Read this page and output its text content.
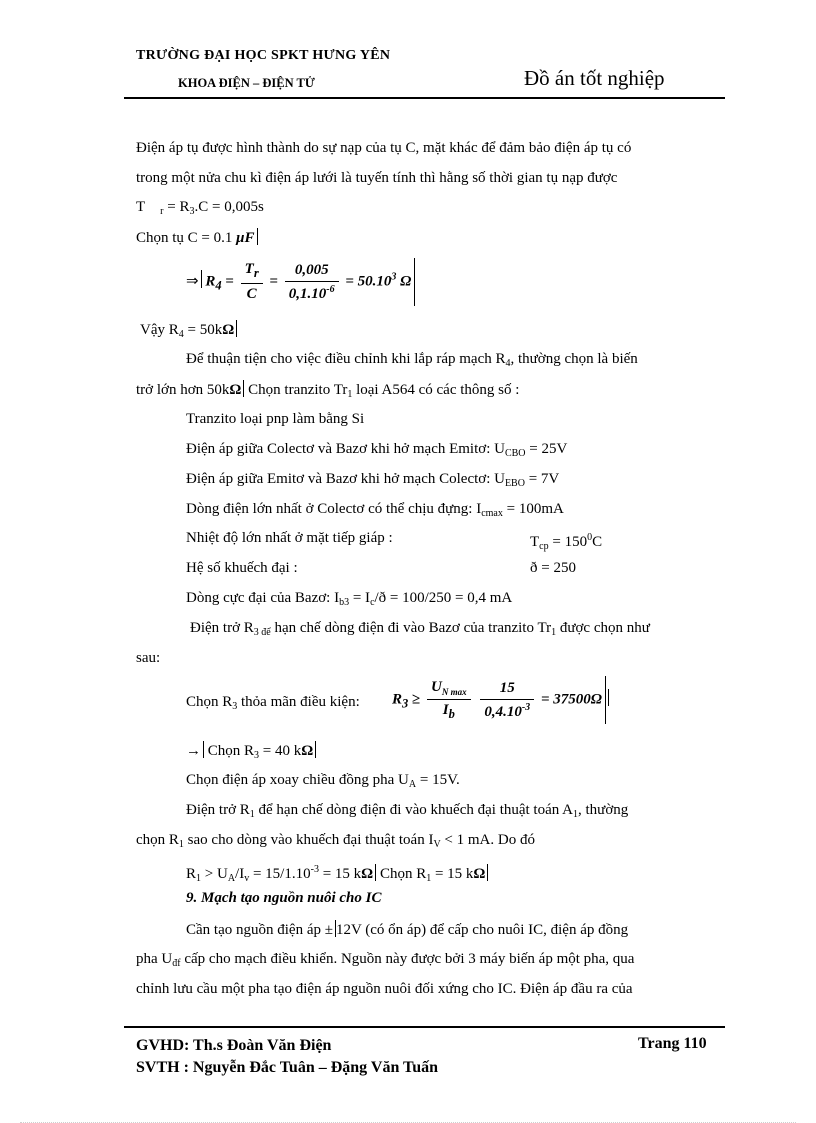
TRƯỜNG ĐẠI HỌC SPKT HƯNG YÊN
KHOA ĐIỆN – ĐIỆN TỬ	Đồ án tốt nghiệp
Điện áp tụ được hình thành do sự nạp của tụ C, mặt khác để đảm bảo điện áp tụ có
trong một nửa chu kì điện áp lưới là tuyến tính thì hằng số thời gian tụ nạp được
T $_r = R_3.C = 0,005s$
Chọn tụ C = 0.1 μF
⇒ $R_4 = \frac{T_r}{C} = \frac{0,005}{0,1.10^{-6}} = 50.10^3$ Ω
Vậy $R_4 = 50k\Omega$
Để thuận tiện cho việc điều chỉnh khi lắp ráp mạch $R_4$, thường chọn là biến
trở lớn hơn 50kΩ Chọn tranzito $Tr_1$ loại A564 có các thông số :
Tranzito loại pnp làm bằng Si
Điện áp giữa Colectơ và Bazơ khi hở mạch Emitơ: $U_{CBO} = 25V$
Điện áp giữa Emitơ và Bazơ khi hở mạch Colectơ: $U_{EBO} = 7V$
Dòng điện lớn nhất ở Colectơ có thể chịu đựng: $I_{cmax} = 100mA$
Nhiệt độ lớn nhất ở mặt tiếp giáp :	$T_{cp} = 150^0C$
Hệ số khuếch đại :	ð = 250
Dòng cực đại của Bazơ: $I_{b3}$ = $I_c/ð = 100/250 = 0,4$ mA
Điện trở $R_{3 để}$ hạn chế dòng điện đi vào Bazơ của tranzito $Tr_1$ được chọn như
sau:
Chọn $R_3$ thỏa mãn điều kiện: $R_3 \ge \frac{U_{N max}}{I_b}$
$\frac{15}{0,4.10^{-3}} = 37500\Omega$
→ Chọn $R_3 = 40$ kΩ
Chọn điện áp xoay chiều đồng pha $U_A = 15V$.
Điện trở $R_1$ để hạn chế dòng điện đi vào khuếch đại thuật toán $A_1$, thường
chọn $R_1$ sao cho dòng vào khuếch đại thuật toán $I_V < 1$ mA. Do đó
$R_1 > U_A/I_v = 15/1.10^{-3} = 15$ kΩ Chọn $R_1 = 15$ kΩ
9. Mạch tạo nguồn nuôi cho IC
Cần tạo nguồn điện áp ± 12V (có ổn áp) để cấp cho nuôi IC, điện áp đồng
pha $U_{đf}$ cấp cho mạch điều khiển. Nguồn này được bởi 3 máy biến áp một pha, qua
chỉnh lưu cầu một pha tạo điện áp nguồn nuôi đối xứng cho IC. Điện áp đầu ra của
GVHD: Th.s Đoàn Văn Điện
SVTH : Nguyễn Đắc Tuân – Đặng Văn Tuấn
Trang 110
